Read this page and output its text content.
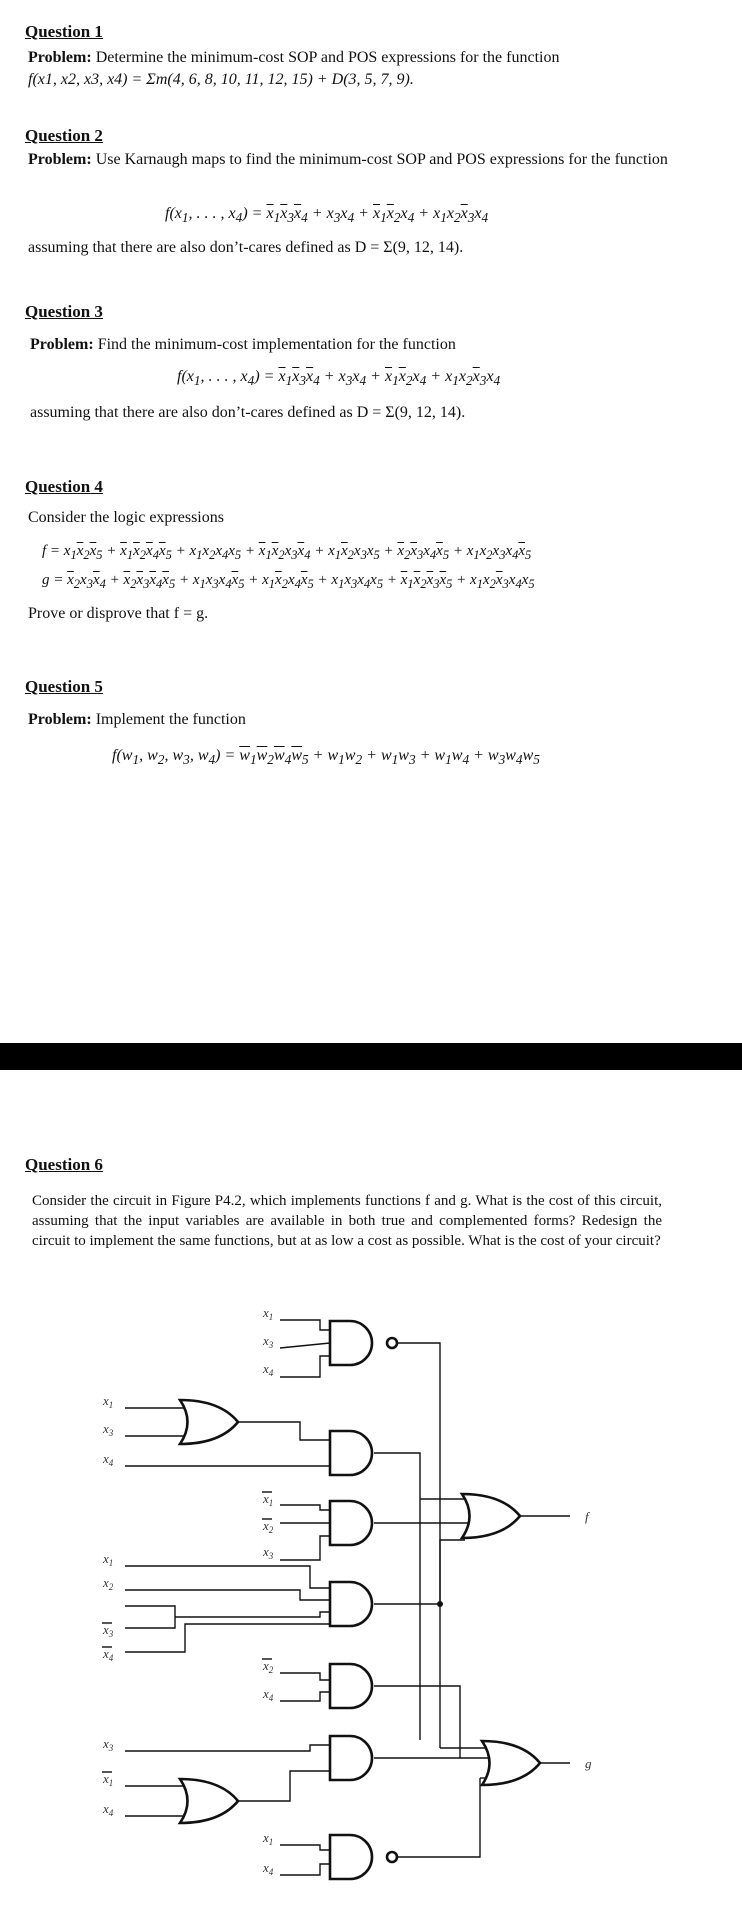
Question 1
Problem: Determine the minimum-cost SOP and POS expressions for the function
f(x1, x2, x3, x4) = Σm(4, 6, 8, 10, 11, 12, 15) + D(3, 5, 7, 9).
Question 2
Problem: Use Karnaugh maps to find the minimum-cost SOP and POS expressions for the function
$f(x_1$, . . . , $x_4) = \overline{x}_1\overline{x}_3\overline{x}_4 + x_3x_4 + \overline{x}_1\overline{x}_2x_4 + x_1x_2\overline{x}_3x_4$
assuming that there are also don’t-cares defined as D = Σ(9, 12, 14).
Question 3
Problem: Find the minimum-cost implementation for the function
$f(x_1$, . . . , $x_4) = \overline{x}_1\overline{x}_3\overline{x}_4 + x_3x_4 + \overline{x}_1\overline{x}_2x_4 + x_1x_2\overline{x}_3x_4$
assuming that there are also don’t-cares defined as D = Σ(9, 12, 14).
Question 4
Consider the logic expressions
$f = x_1\overline{x}_2\overline{x}_5 + \overline{x}_1\overline{x}_2\overline{x}_4\overline{x}_5 + x_1x_2x_4x_5 + \overline{x}_1\overline{x}_2x_3\overline{x}_4 + x_1\overline{x}_2x_3x_5 + \overline{x}_2\overline{x}_3x_4\overline{x}_5 + x_1x_2x_3x_4\overline{x}_5$
$g = \overline{x}_2x_3\overline{x}_4 + \overline{x}_2\overline{x}_3\overline{x}_4\overline{x}_5 + x_1x_3x_4\overline{x}_5 + x_1\overline{x}_2x_4\overline{x}_5 + x_1x_3x_4x_5 + \overline{x}_1\overline{x}_2\overline{x}_3\overline{x}_5 + x_1x_2\overline{x}_3x_4x_5$
Prove or disprove that f = g.
Question 5
Problem: Implement the function
$f(w_1$, $w_2$, $w_3$, $w_4) = \overline{w}_1\overline{w}_2\overline{w}_4\overline{w}_5 + w_1w_2 + w_1w_3 + w_1w_4 + w_3w_4w_5$
Question 6
Consider the circuit in Figure P4.2, which implements functions f and g. What is the cost of this circuit, assuming that the input variables are available in both true and complemented forms? Redesign the circuit to implement the same functions, but at as low a cost as possible. What is the cost of your circuit?
$x_1$
$x_3$
$x_4$
$x_1$
$x_3$
$x_4$
$x_1$
$x_2$
$x_3$
$x_1$
$x_2$
$x_3$
$x_4$	$x_2$
$x_4$
$x_3$
$x_1$
$x_4$
$x_1$
$x_4$
f
g
